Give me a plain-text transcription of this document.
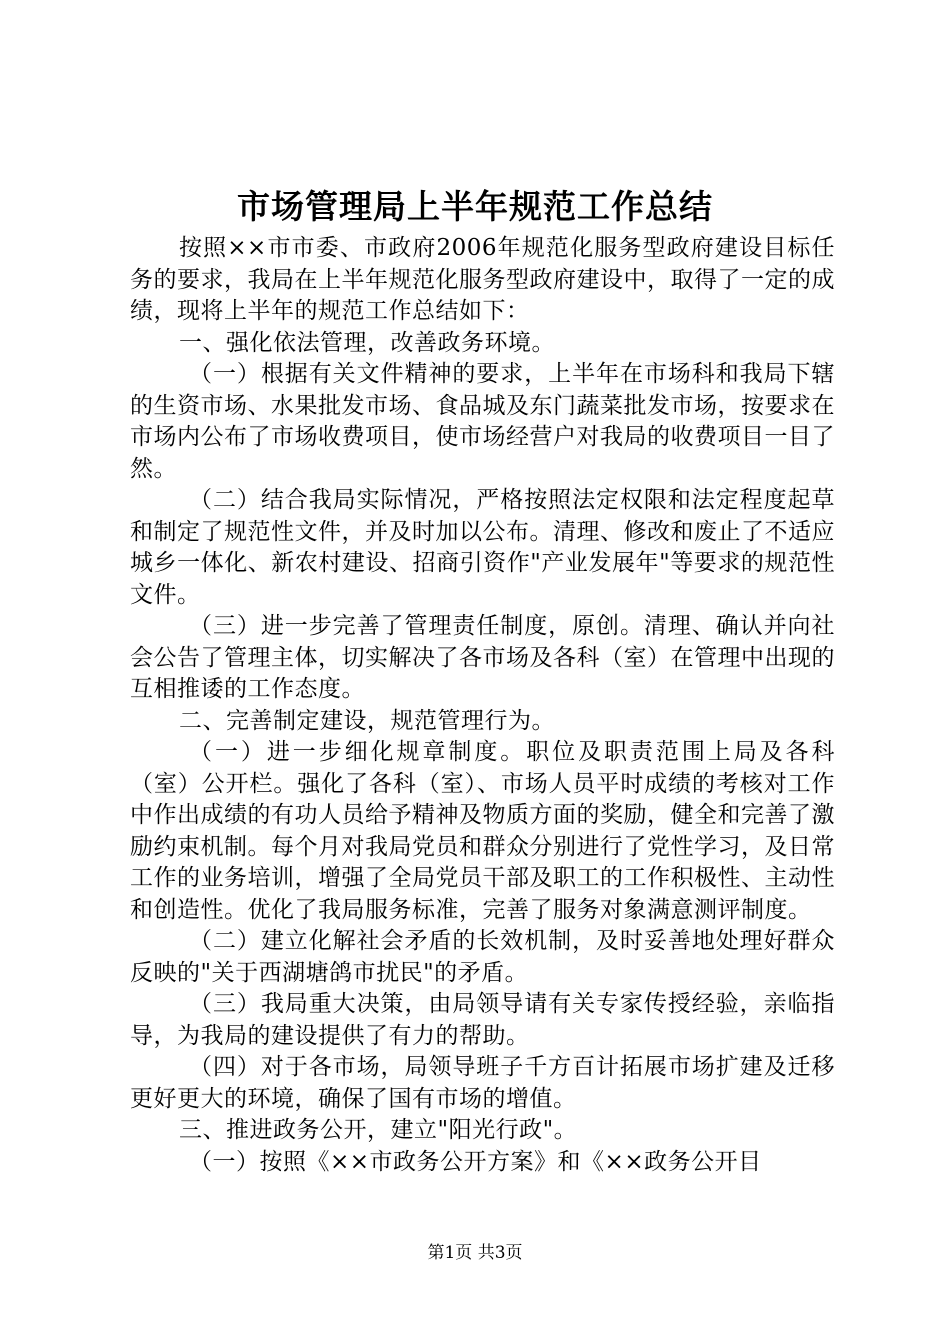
市场管理局上半年规范工作总结

按照××市市委、市政府2006年规范化服务型政府建设目标任务的要求，我局在上半年规范化服务型政府建设中，取得了一定的成绩，现将上半年的规范工作总结如下：

一、强化依法管理，改善政务环境。

（一）根据有关文件精神的要求，上半年在市场科和我局下辖的生资市场、水果批发市场、食品城及东门蔬菜批发市场，按要求在市场内公布了市场收费项目，使市场经营户对我局的收费项目一目了然。

（二）结合我局实际情况，严格按照法定权限和法定程度起草和制定了规范性文件，并及时加以公布。清理、修改和废止了不适应城乡一体化、新农村建设、招商引资作"产业发展年"等要求的规范性文件。

（三）进一步完善了管理责任制度，原创。清理、确认并向社会公告了管理主体，切实解决了各市场及各科（室）在管理中出现的互相推诿的工作态度。

二、完善制定建设，规范管理行为。

（一）进一步细化规章制度。职位及职责范围上局及各科（室）公开栏。强化了各科（室）、市场人员平时成绩的考核对工作中作出成绩的有功人员给予精神及物质方面的奖励，健全和完善了激励约束机制。每个月对我局党员和群众分别进行了党性学习，及日常工作的业务培训，增强了全局党员干部及职工的工作积极性、主动性和创造性。优化了我局服务标准，完善了服务对象满意测评制度。

（二）建立化解社会矛盾的长效机制，及时妥善地处理好群众反映的"关于西湖塘鸽市扰民"的矛盾。

（三）我局重大决策，由局领导请有关专家传授经验，亲临指导，为我局的建设提供了有力的帮助。

（四）对于各市场，局领导班子千方百计拓展市场扩建及迁移更好更大的环境，确保了国有市场的增值。

三、推进政务公开，建立"阳光行政"。

（一）按照《××市政务公开方案》和《××政务公开目

第1页 共3页
